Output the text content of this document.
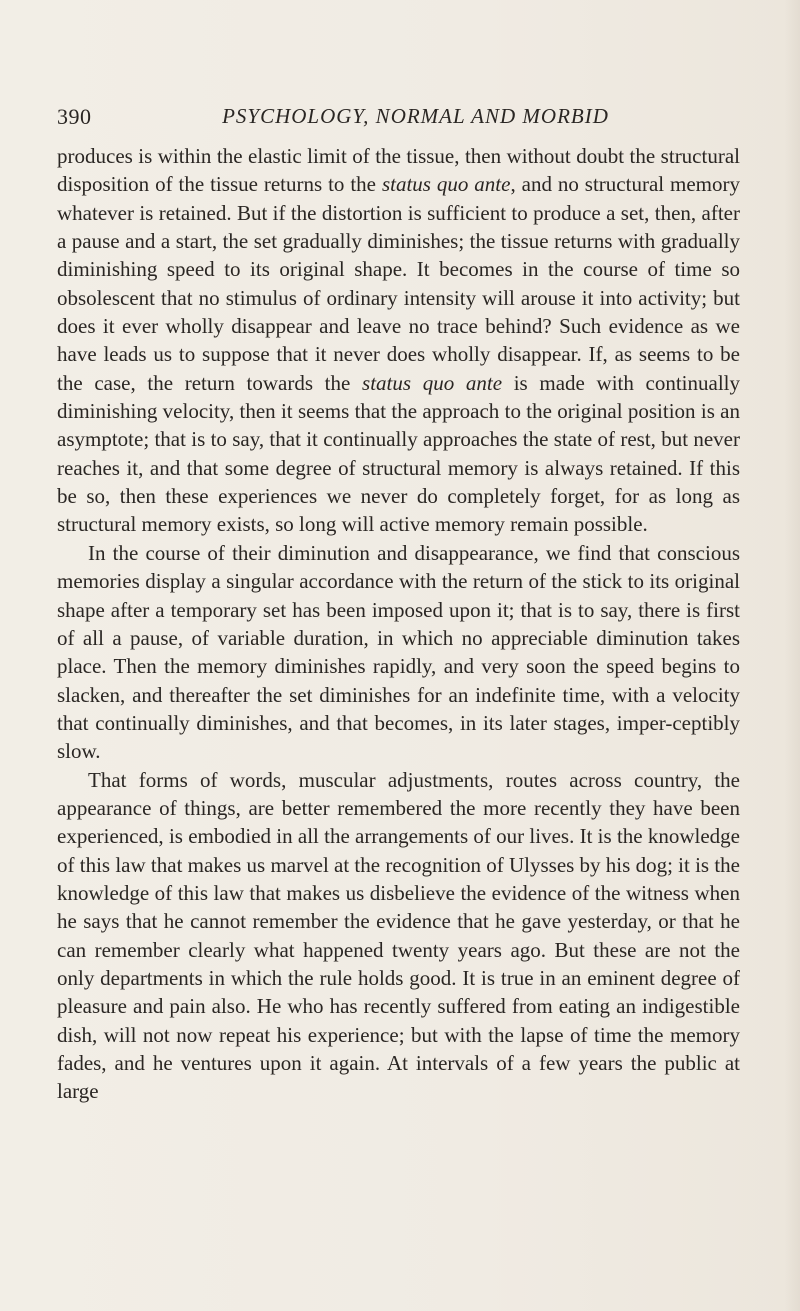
390	PSYCHOLOGY, NORMAL AND MORBID

produces is within the elastic limit of the tissue, then without doubt the structural disposition of the tissue returns to the status quo ante, and no structural memory whatever is retained. But if the distortion is sufficient to produce a set, then, after a pause and a start, the set gradually diminishes; the tissue returns with gradually diminishing speed to its original shape. It becomes in the course of time so obsolescent that no stimulus of ordinary intensity will arouse it into activity; but does it ever wholly disappear and leave no trace behind? Such evidence as we have leads us to suppose that it never does wholly disappear. If, as seems to be the case, the return towards the status quo ante is made with continually diminishing velocity, then it seems that the approach to the original position is an asymptote; that is to say, that it continually approaches the state of rest, but never reaches it, and that some degree of structural memory is always retained. If this be so, then these experiences we never do completely forget, for as long as structural memory exists, so long will active memory remain possible.

In the course of their diminution and disappearance, we find that conscious memories display a singular accordance with the return of the stick to its original shape after a temporary set has been imposed upon it; that is to say, there is first of all a pause, of variable duration, in which no appreciable diminution takes place. Then the memory diminishes rapidly, and very soon the speed begins to slacken, and thereafter the set diminishes for an indefinite time, with a velocity that continually diminishes, and that becomes, in its later stages, imper-ceptibly slow.

That forms of words, muscular adjustments, routes across country, the appearance of things, are better remembered the more recently they have been experienced, is embodied in all the arrangements of our lives. It is the knowledge of this law that makes us marvel at the recognition of Ulysses by his dog; it is the knowledge of this law that makes us disbelieve the evidence of the witness when he says that he cannot remember the evidence that he gave yesterday, or that he can remember clearly what happened twenty years ago. But these are not the only departments in which the rule holds good. It is true in an eminent degree of pleasure and pain also. He who has recently suffered from eating an indigestible dish, will not now repeat his experience; but with the lapse of time the memory fades, and he ventures upon it again. At intervals of a few years the public at large
